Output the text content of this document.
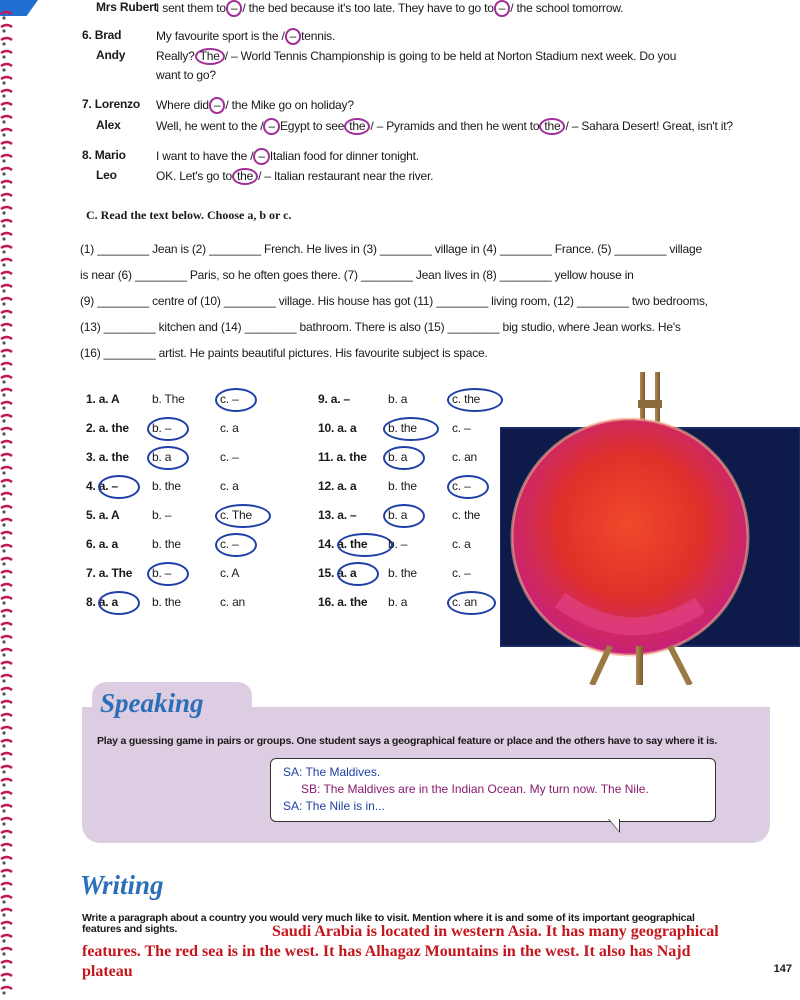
Mrs Rubert
I sent them to – / the bed because it's too late. They have to go to – / the school tomorrow.
6. Brad	My favourite sport is the / – tennis.
Andy	Really? The / – World Tennis Championship is going to be held at Norton Stadium next week. Do you
want to go?
7. Lorenzo Where did – / the Mike go on holiday?
Alex	Well, he went to the / – Egypt to see the / – Pyramids and then he went to the / – Sahara Desert! Great, isn't it?
8. Mario	I want to have the / – Italian food for dinner tonight.
Leo	OK. Let's go to the / – Italian restaurant near the river.
C. Read the text below. Choose a, b or c.
(1) ________ Jean is (2) ________ French. He lives in (3) ________ village in (4) ________ France. (5) ________ village
is near (6) ________ Paris, so he often goes there. (7) ________ Jean lives in (8) ________ yellow house in
(9) ________ centre of (10) ________ village. His house has got (11) ________ living room, (12) ________ two bedrooms,
(13) ________ kitchen and (14) ________ bathroom. There is also (15) ________ big studio, where Jean works. He's
(16) ________ artist. He paints beautiful pictures. His favourite subject is space.
1. a. A	b. The	c. –
2. a. the b. –	c. a
3. a. the b. a	c. –
4. a. –	b. the	c. a
5. a. A	b. –	c. The
6. a. a	b. the	c. –
7. a. The b. –	c. A
8. a. a	b. the	c. an
9. a. –	b. a	c. the
10. a. a	b. the	c. –
11. a. the b. a	c. an
12. a. a	b. the	c. –
13. a. –	b. a	c. the
14. a. the b. –	c. a
15. a. a	b. the	c. –
16. a. the b. a	c. an
Speaking
Play a guessing game in pairs or groups. One student says a geographical feature or place and the others have to say where it is.
SA: The Maldives.
SB: The Maldives are in the Indian Ocean. My turn now. The Nile.
SA: The Nile is in...
Writing
Write a paragraph about a country you would very much like to visit. Mention where it is and some of its important geographical features and sights.	Saudi Arabia is located in western Asia. It has many geographical features. The red sea is in the west. It has Alhagaz Mountains in the west. It also has Najd plateau	147
